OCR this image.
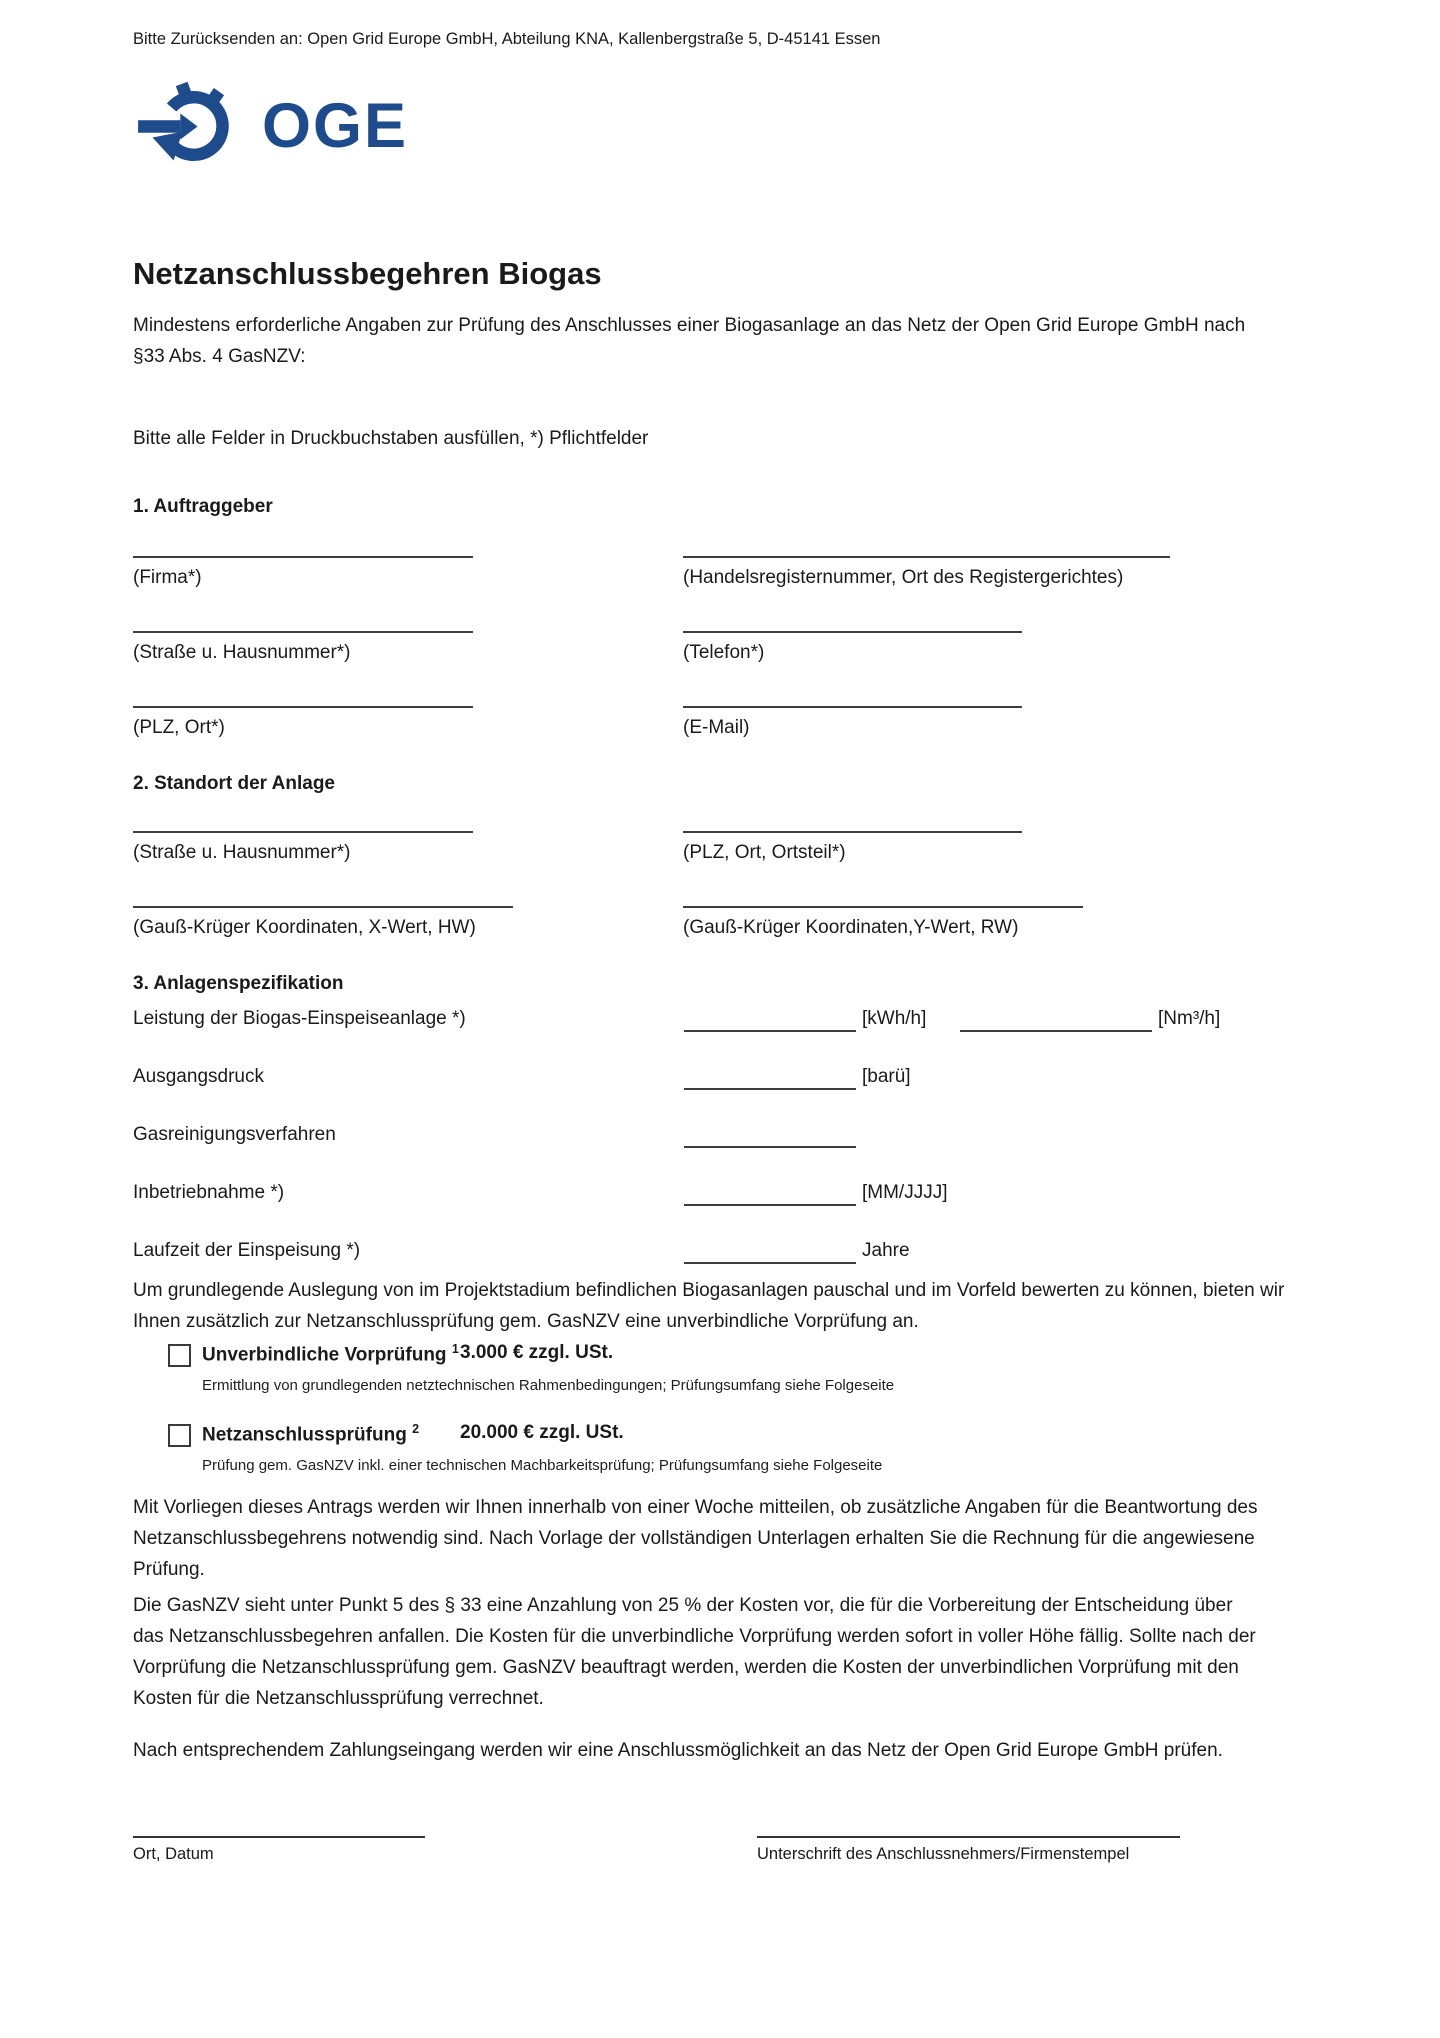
Bitte Zurücksenden an: Open Grid Europe GmbH, Abteilung KNA, Kallenbergstraße 5, D-45141 Essen
OGE
Netzanschlussbegehren Biogas
Mindestens erforderliche Angaben zur Prüfung des Anschlusses einer Biogasanlage an das Netz der Open Grid Europe GmbH nach §33 Abs. 4 GasNZV:
Bitte alle Felder in Druckbuchstaben ausfüllen, *) Pflichtfelder
1. Auftraggeber
(Firma*)	(Handelsregisternummer, Ort des Registergerichtes)
(Straße u. Hausnummer*)	(Telefon*)
(PLZ, Ort*)	(E-Mail)
2. Standort der Anlage
(Straße u. Hausnummer*)	(PLZ, Ort, Ortsteil*)
(Gauß-Krüger Koordinaten, X-Wert, HW)	(Gauß-Krüger Koordinaten,Y-Wert, RW)
3. Anlagenspezifikation
Leistung der Biogas-Einspeiseanlage *)	[kWh/h]	[Nm³/h]
Ausgangsdruck	[barü]
Gasreinigungsverfahren
Inbetriebnahme *)	[MM/JJJJ]
Laufzeit der Einspeisung *)	Jahre
Um grundlegende Auslegung von im Projektstadium befindlichen Biogasanlagen pauschal und im Vorfeld bewerten zu können, bieten wir Ihnen zusätzlich zur Netzanschlussprüfung gem. GasNZV eine unverbindliche Vorprüfung an.
Unverbindliche Vorprüfung $^1$ 3.000 € zzgl. USt.
Ermittlung von grundlegenden netztechnischen Rahmenbedingungen; Prüfungsumfang siehe Folgeseite
Netzanschlussprüfung $^2$ 20.000 € zzgl. USt.
Prüfung gem. GasNZV inkl. einer technischen Machbarkeitsprüfung; Prüfungsumfang siehe Folgeseite
Mit Vorliegen dieses Antrags werden wir Ihnen innerhalb von einer Woche mitteilen, ob zusätzliche Angaben für die Beantwortung des Netzanschlussbegehrens notwendig sind. Nach Vorlage der vollständigen Unterlagen erhalten Sie die Rechnung für die angewiesene Prüfung.
Die GasNZV sieht unter Punkt 5 des § 33 eine Anzahlung von 25 % der Kosten vor, die für die Vorbereitung der Entscheidung über das Netzanschlussbegehren anfallen. Die Kosten für die unverbindliche Vorprüfung werden sofort in voller Höhe fällig. Sollte nach der Vorprüfung die Netzanschlussprüfung gem. GasNZV beauftragt werden, werden die Kosten der unverbindlichen Vorprüfung mit den Kosten für die Netzanschlussprüfung verrechnet.
Nach entsprechendem Zahlungseingang werden wir eine Anschlussmöglichkeit an das Netz der Open Grid Europe GmbH prüfen.
Ort, Datum	Unterschrift des Anschlussnehmers/Firmenstempel
